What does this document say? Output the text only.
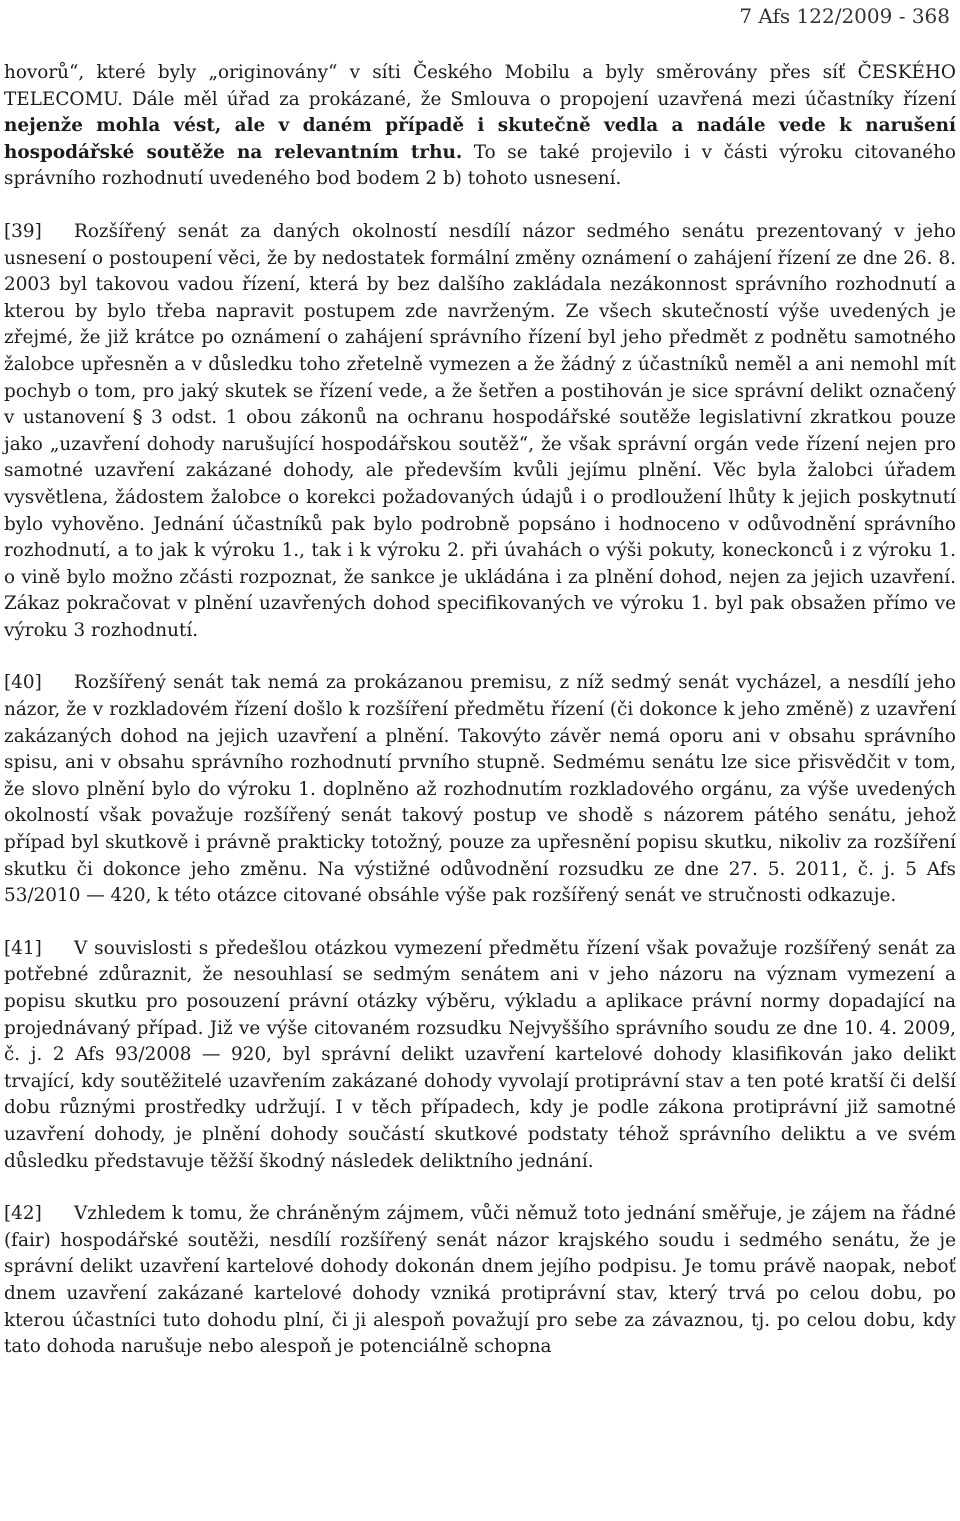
7 Afs 122/2009 - 368

hovorů“, které byly „originovány“ v síti Českého Mobilu a byly směrovány přes síť ČESKÉHO TELECOMU. Dále měl úřad za prokázané, že Smlouva o propojení uzavřená mezi účastníky řízení nejenže mohla vést, ale v daném případě i skutečně vedla a nadále vede k narušení hospodářské soutěže na relevantním trhu. To se také projevilo i v části výroku citovaného správního rozhodnutí uvedeného bod bodem 2 b) tohoto usnesení.

[39] Rozšířený senát za daných okolností nesdílí názor sedmého senátu prezentovaný v jeho usnesení o postoupení věci, že by nedostatek formální změny oznámení o zahájení řízení ze dne 26. 8. 2003 byl takovou vadou řízení, která by bez dalšího zakládala nezákonnost správního rozhodnutí a kterou by bylo třeba napravit postupem zde navrženým. Ze všech skutečností výše uvedených je zřejmé, že již krátce po oznámení o zahájení správního řízení byl jeho předmět z podnětu samotného žalobce upřesněn a v důsledku toho zřetelně vymezen a že žádný z účastníků neměl a ani nemohl mít pochyb o tom, pro jaký skutek se řízení vede, a že šetřen a postihován je sice správní delikt označený v ustanovení § 3 odst. 1 obou zákonů na ochranu hospodářské soutěže legislativní zkratkou pouze jako „uzavření dohody narušující hospodářskou soutěž“, že však správní orgán vede řízení nejen pro samotné uzavření zakázané dohody, ale především kvůli jejímu plnění. Věc byla žalobci úřadem vysvětlena, žádostem žalobce o korekci požadovaných údajů i o prodloužení lhůty k jejich poskytnutí bylo vyhověno. Jednání účastníků pak bylo podrobně popsáno i hodnoceno v odůvodnění správního rozhodnutí, a to jak k výroku 1., tak i k výroku 2. při úvahách o výši pokuty, koneckonců i z výroku 1. o vině bylo možno zčásti rozpoznat, že sankce je ukládána i za plnění dohod, nejen za jejich uzavření. Zákaz pokračovat v plnění uzavřených dohod specifikovaných ve výroku 1. byl pak obsažen přímo ve výroku 3 rozhodnutí.

[40] Rozšířený senát tak nemá za prokázanou premisu, z níž sedmý senát vycházel, a nesdílí jeho názor, že v rozkladovém řízení došlo k rozšíření předmětu řízení (či dokonce k jeho změně) z uzavření zakázaných dohod na jejich uzavření a plnění. Takovýto závěr nemá oporu ani v obsahu správního spisu, ani v obsahu správního rozhodnutí prvního stupně. Sedmému senátu lze sice přisvědčit v tom, že slovo plnění bylo do výroku 1. doplněno až rozhodnutím rozkladového orgánu, za výše uvedených okolností však považuje rozšířený senát takový postup ve shodě s názorem pátého senátu, jehož případ byl skutkově i právně prakticky totožný, pouze za upřesnění popisu skutku, nikoliv za rozšíření skutku či dokonce jeho změnu. Na výstižné odůvodnění rozsudku ze dne 27. 5. 2011, č. j. 5 Afs 53/2010 — 420, k této otázce citované obsáhle výše pak rozšířený senát ve stručnosti odkazuje.

[41] V souvislosti s předešlou otázkou vymezení předmětu řízení však považuje rozšířený senát za potřebné zdůraznit, že nesouhlasí se sedmým senátem ani v jeho názoru na význam vymezení a popisu skutku pro posouzení právní otázky výběru, výkladu a aplikace právní normy dopadající na projednávaný případ. Již ve výše citovaném rozsudku Nejvyššího správního soudu ze dne 10. 4. 2009, č. j. 2 Afs 93/2008 — 920, byl správní delikt uzavření kartelové dohody klasifikován jako delikt trvající, kdy soutěžitelé uzavřením zakázané dohody vyvolají protiprávní stav a ten poté kratší či delší dobu různými prostředky udržují. I v těch případech, kdy je podle zákona protiprávní již samotné uzavření dohody, je plnění dohody součástí skutkové podstaty téhož správního deliktu a ve svém důsledku představuje těžší škodný následek deliktního jednání.

[42] Vzhledem k tomu, že chráněným zájmem, vůči němuž toto jednání směřuje, je zájem na řádné (fair) hospodářské soutěži, nesdílí rozšířený senát názor krajského soudu i sedmého senátu, že je správní delikt uzavření kartelové dohody dokonán dnem jejího podpisu. Je tomu právě naopak, neboť dnem uzavření zakázané kartelové dohody vzniká protiprávní stav, který trvá po celou dobu, po kterou účastníci tuto dohodu plní, či ji alespoň považují pro sebe za závaznou, tj. po celou dobu, kdy tato dohoda narušuje nebo alespoň je potenciálně schopna
